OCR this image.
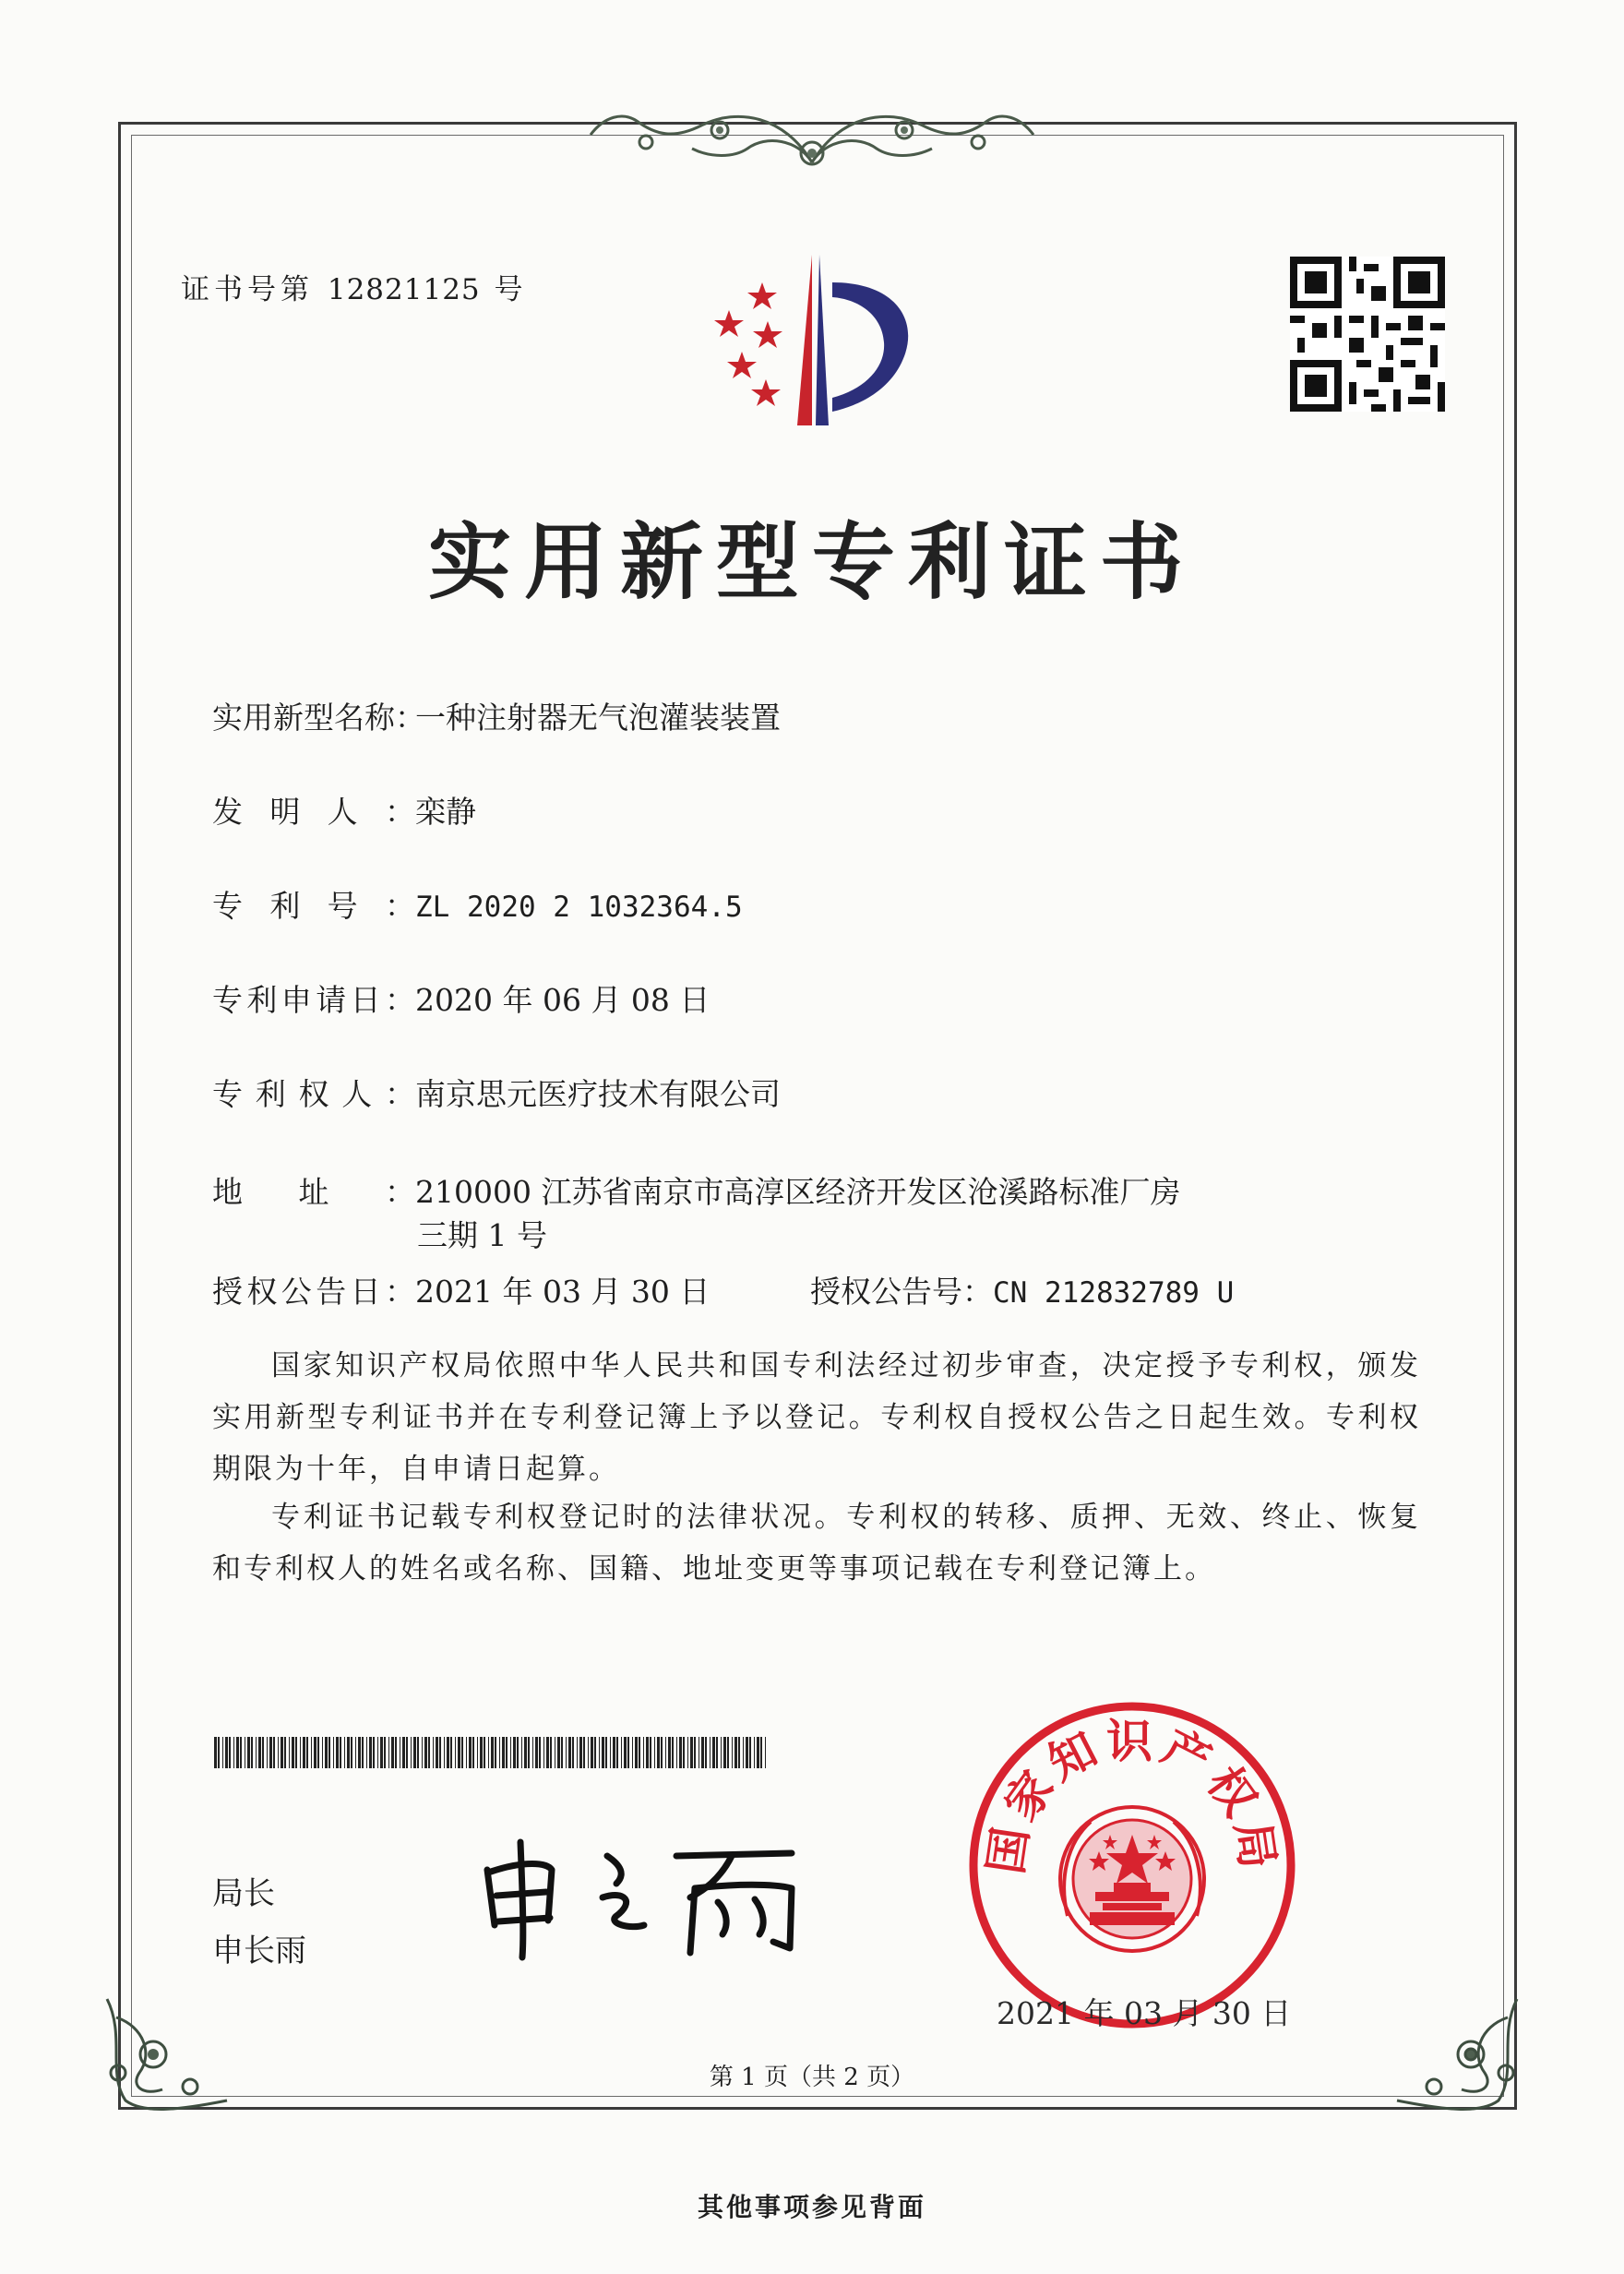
证书号第 12821125 号
实用新型专利证书
实用新型名称：一种注射器无气泡灌装装置
发明人：栾静
专利号：ZL 2020 2 1032364.5
专利申请日：2020 年 06 月 08 日
专利权人：南京思元医疗技术有限公司
地址：210000 江苏省南京市高淳区经济开发区沧溪路标准厂房
三期 1 号
授权公告日：2021 年 03 月 30 日	授权公告号：CN 212832789 U
国家知识产权局依照中华人民共和国专利法经过初步审查，决定授予专利权，颁发实用新型专利证书并在专利登记簿上予以登记。专利权自授权公告之日起生效。专利权期限为十年，自申请日起算。
专利证书记载专利权登记时的法律状况。专利权的转移、质押、无效、终止、恢复和专利权人的姓名或名称、国籍、地址变更等事项记载在专利登记簿上。
局长
申长雨
国家知识产权局
2021 年 03 月 30 日
第 1 页（共 2 页）
其他事项参见背面
